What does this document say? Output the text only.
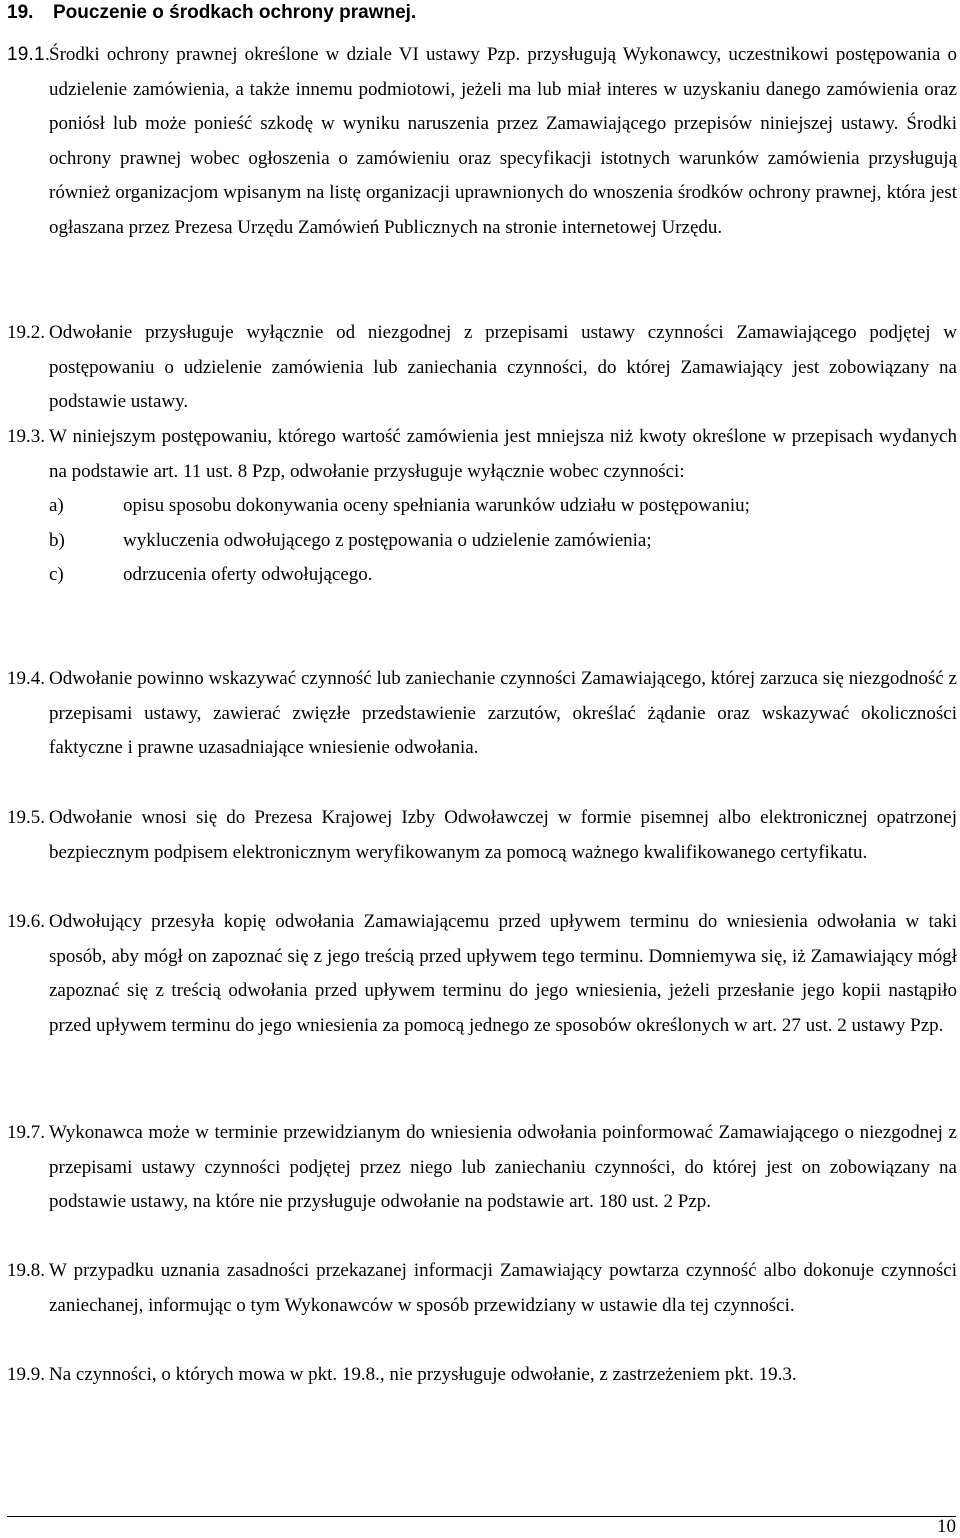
19. Pouczenie o środkach ochrony prawnej.
19.1.
Środki ochrony prawnej określone w dziale VI ustawy Pzp. przysługują Wykonawcy, uczestnikowi postępowania o udzielenie zamówienia, a także innemu podmiotowi, jeżeli ma lub miał interes w uzyskaniu danego zamówienia oraz poniósł lub może ponieść szkodę w wyniku naruszenia przez Zamawiającego przepisów niniejszej ustawy. Środki ochrony prawnej wobec ogłoszenia o zamówieniu oraz specyfikacji istotnych warunków zamówienia przysługują również organizacjom wpisanym na listę organizacji uprawnionych do wnoszenia środków ochrony prawnej, która jest ogłaszana przez Prezesa Urzędu Zamówień Publicznych na stronie internetowej Urzędu.
19.2. Odwołanie przysługuje wyłącznie od niezgodnej z przepisami ustawy czynności Zamawiającego podjętej w postępowaniu o udzielenie zamówienia lub zaniechania czynności, do której Zamawiający jest zobowiązany na podstawie ustawy.
19.3. W niniejszym postępowaniu, którego wartość zamówienia jest mniejsza niż kwoty określone w przepisach wydanych na podstawie art. 11 ust. 8 Pzp, odwołanie przysługuje wyłącznie wobec czynności:
a)	opisu sposobu dokonywania oceny spełniania warunków udziału w postępowaniu;
b)	wykluczenia odwołującego z postępowania o udzielenie zamówienia;
c)	odrzucenia oferty odwołującego.
19.4. Odwołanie powinno wskazywać czynność lub zaniechanie czynności Zamawiającego, której zarzuca się niezgodność z przepisami ustawy, zawierać zwięzłe przedstawienie zarzutów, określać żądanie oraz wskazywać okoliczności faktyczne i prawne uzasadniające wniesienie odwołania.
19.5. Odwołanie wnosi się do Prezesa Krajowej Izby Odwoławczej w formie pisemnej albo elektronicznej opatrzonej bezpiecznym podpisem elektronicznym weryfikowanym za pomocą ważnego kwalifikowanego certyfikatu.
19.6. Odwołujący przesyła kopię odwołania Zamawiającemu przed upływem terminu do wniesienia odwołania w taki sposób, aby mógł on zapoznać się z jego treścią przed upływem tego terminu. Domniemywa się, iż Zamawiający mógł zapoznać się z treścią odwołania przed upływem terminu do jego wniesienia, jeżeli przesłanie jego kopii nastąpiło przed upływem terminu do jego wniesienia za pomocą jednego ze sposobów określonych w art. 27 ust. 2 ustawy Pzp.
19.7. Wykonawca może w terminie przewidzianym do wniesienia odwołania poinformować Zamawiającego o niezgodnej z przepisami ustawy czynności podjętej przez niego lub zaniechaniu czynności, do której jest on zobowiązany na podstawie ustawy, na które nie przysługuje odwołanie na podstawie art. 180 ust. 2 Pzp.
19.8. W przypadku uznania zasadności przekazanej informacji Zamawiający powtarza czynność albo dokonuje czynności zaniechanej, informując o tym Wykonawców w sposób przewidziany w ustawie dla tej czynności.
19.9. Na czynności, o których mowa w pkt. 19.8., nie przysługuje odwołanie, z zastrzeżeniem pkt. 19.3.
10
